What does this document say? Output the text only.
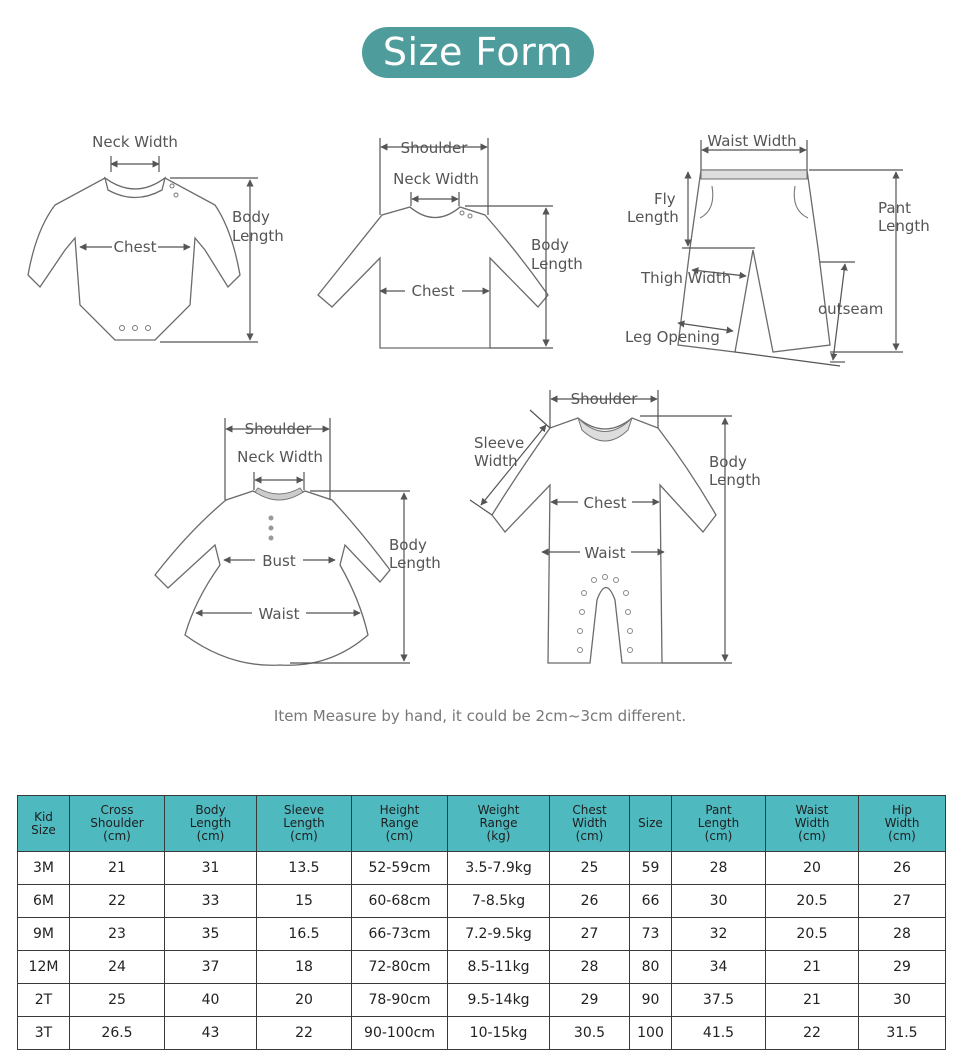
Size Form
Neck Width
Chest
Body
Length
Shoulder
Neck Width
Chest
Body
Length
Waist Width
Fly
Length	Pant
Length
Thigh Width
outseam
Leg Opening
Shoulder
Neck Width
Bust
Waist
Body
Length
Shoulder
Sleeve
Width
Chest
Waist
Body
Length
Item Measure by hand, it could be 2cm~3cm different.
Kid Size	Cross
Shoulder
(cm)	Body
Length
(cm)	Sleeve
Length
(cm)	Height
Range
(cm)	Weight
Range
(kg)	Chest
Width
(cm)	Size	Pant
Length
(cm)	Waist
Width
(cm)	Hip
Width
(cm)
3M	21	31	13.5	52-59cm	3.5-7.9kg	25	59	28	20	26
6M	22	33	15	60-68cm	7-8.5kg	26	66	30	20.5	27
9M	23	35	16.5	66-73cm	7.2-9.5kg	27	73	32	20.5	28
12M	24	37	18	72-80cm	8.5-11kg	28	80	34	21	29
2T	25	40	20	78-90cm	9.5-14kg	29	90	37.5	21	30
3T	26.5	43	22	90-100cm	10-15kg	30.5	100	41.5	22	31.5
